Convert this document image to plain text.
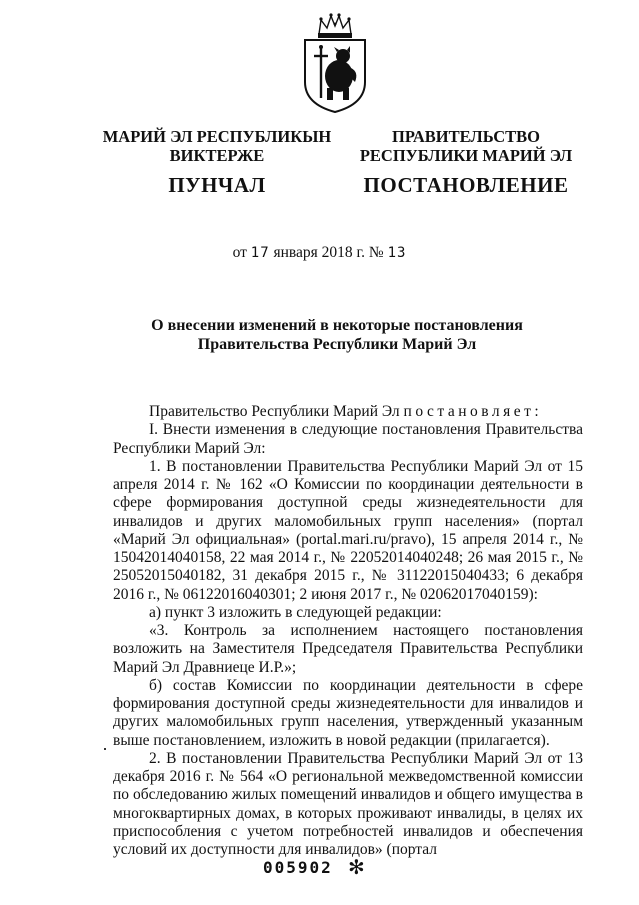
МАРИЙ ЭЛ РЕСПУБЛИКЫН
ВИКТЕРЖЕ
ПРАВИТЕЛЬСТВО
РЕСПУБЛИКИ МАРИЙ ЭЛ
ПУНЧАЛ	ПОСТАНОВЛЕНИЕ
от 17 января 2018 г. № 13
О внесении изменений в некоторые постановления
Правительства Республики Марий Эл

Правительство Республики Марий Эл постановляет:

I. Внести изменения в следующие постановления Правительства Республики Марий Эл:

1. В постановлении Правительства Республики Марий Эл от 15 апреля 2014 г. № 162 «О Комиссии по координации деятельности в сфере формирования доступной среды жизнедеятельности для инвалидов и других маломобильных групп населения» (портал «Марий Эл официальная» (portal.mari.ru/pravo), 15 апреля 2014 г., № 15042014040158, 22 мая 2014 г., № 22052014040248; 26 мая 2015 г., № 25052015040182, 31 декабря 2015 г., № 31122015040433; 6 декабря 2016 г., № 06122016040301; 2 июня 2017 г., № 02062017040159):

а) пункт 3 изложить в следующей редакции:

«3. Контроль за исполнением настоящего постановления возложить на Заместителя Председателя Правительства Республики Марий Эл Дравниеце И.Р.»;

б) состав Комиссии по координации деятельности в сфере формирования доступной среды жизнедеятельности для инвалидов и других маломобильных групп населения, утвержденный указанным выше постановлением, изложить в новой редакции (прилагается).

2. В постановлении Правительства Республики Марий Эл от 13 декабря 2016 г. № 564 «О региональной межведомственной комиссии по обследованию жилых помещений инвалидов и общего имущества в многоквартирных домах, в которых проживают инвалиды, в целях их приспособления с учетом потребностей инвалидов и обеспечения условий их доступности для инвалидов» (портал

005902 ✻
